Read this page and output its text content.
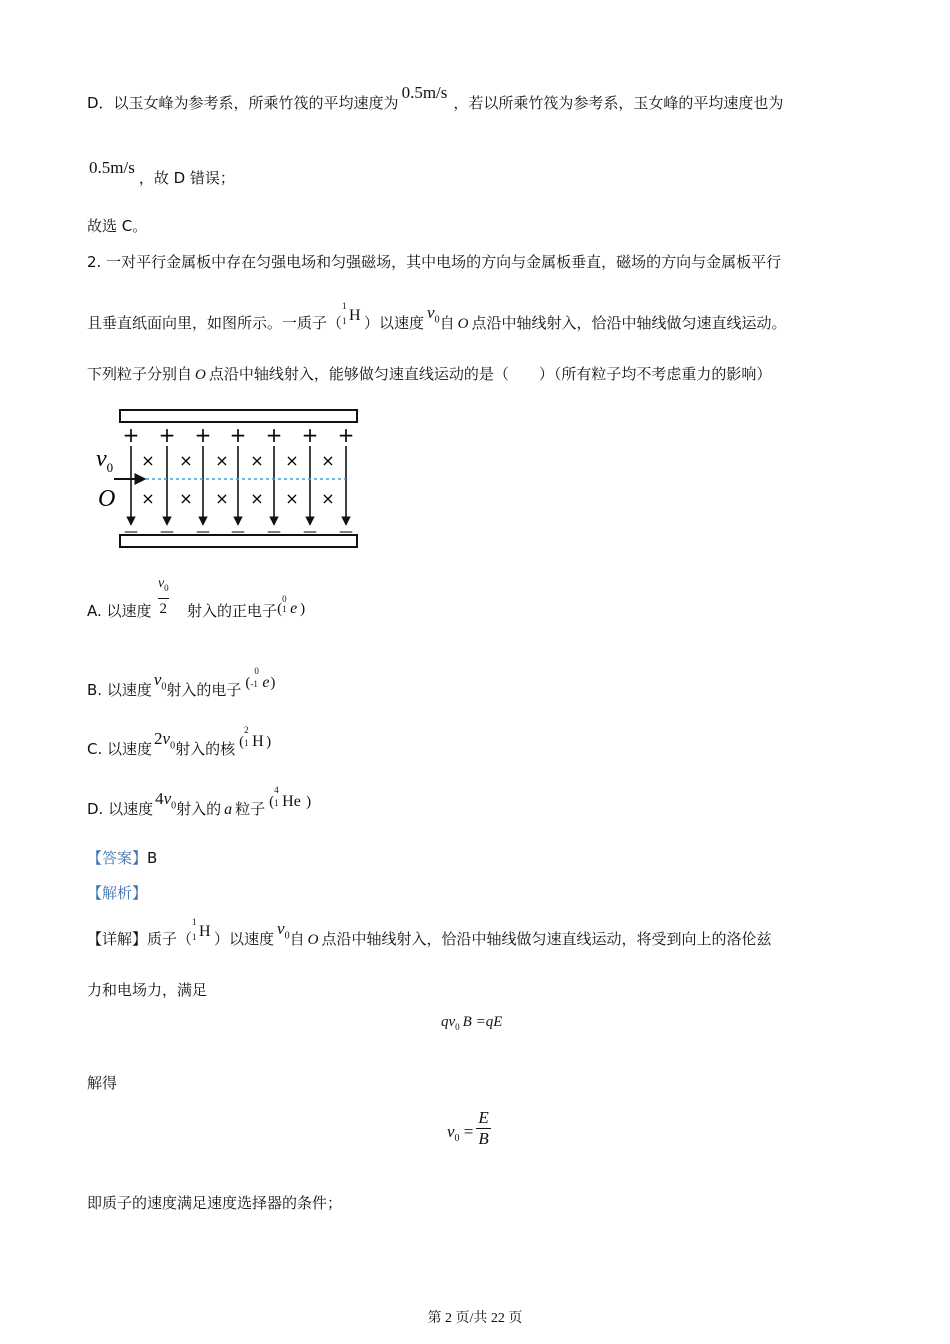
D．以玉女峰为参考系，所乘竹筏的平均速度为0.5m/s，若以所乘竹筏为参考系，玉女峰的平均速度也为
0.5m/s，故 D 错误；
故选 C。
2. 一对平行金属板中存在匀强电场和匀强磁场，其中电场的方向与金属板垂直，磁场的方向与金属板平行
且垂直纸面向里，如图所示。一质子（
1
1 H ）以速度$v_0$自 O 点沿中轴线射入，恰沿中轴线做匀速直线运动。
下列粒子分别自 O 点沿中轴线射入，能够做匀速直线运动的是（　　）（所有粒子均不考虑重力的影响）
+ + + + + + +
— — — — — — —
× × × × × ×
× × × × × ×
$v_0$
O
A. 以速度 $\frac{v_0}{2}$ 射入的正电子(
0
1 e )
B. 以速度$v_0$射入的电子 (
0
-1 e)
C. 以速度$2v_0$射入的核 (
2
1 H )
D. 以速度$4v_0$射入的 a 粒子 (
4
1 He )
【答案】B
【解析】
【详解】质子（
1
1 H ）以速度$v_0$自 O 点沿中轴线射入，恰沿中轴线做匀速直线运动，将受到向上的洛伦兹
力和电场力，满足
$qv_0$ B =qE
解得
$v_0 = \frac{E}{B}$
即质子的速度满足速度选择器的条件；
第 2 页/共 22 页
